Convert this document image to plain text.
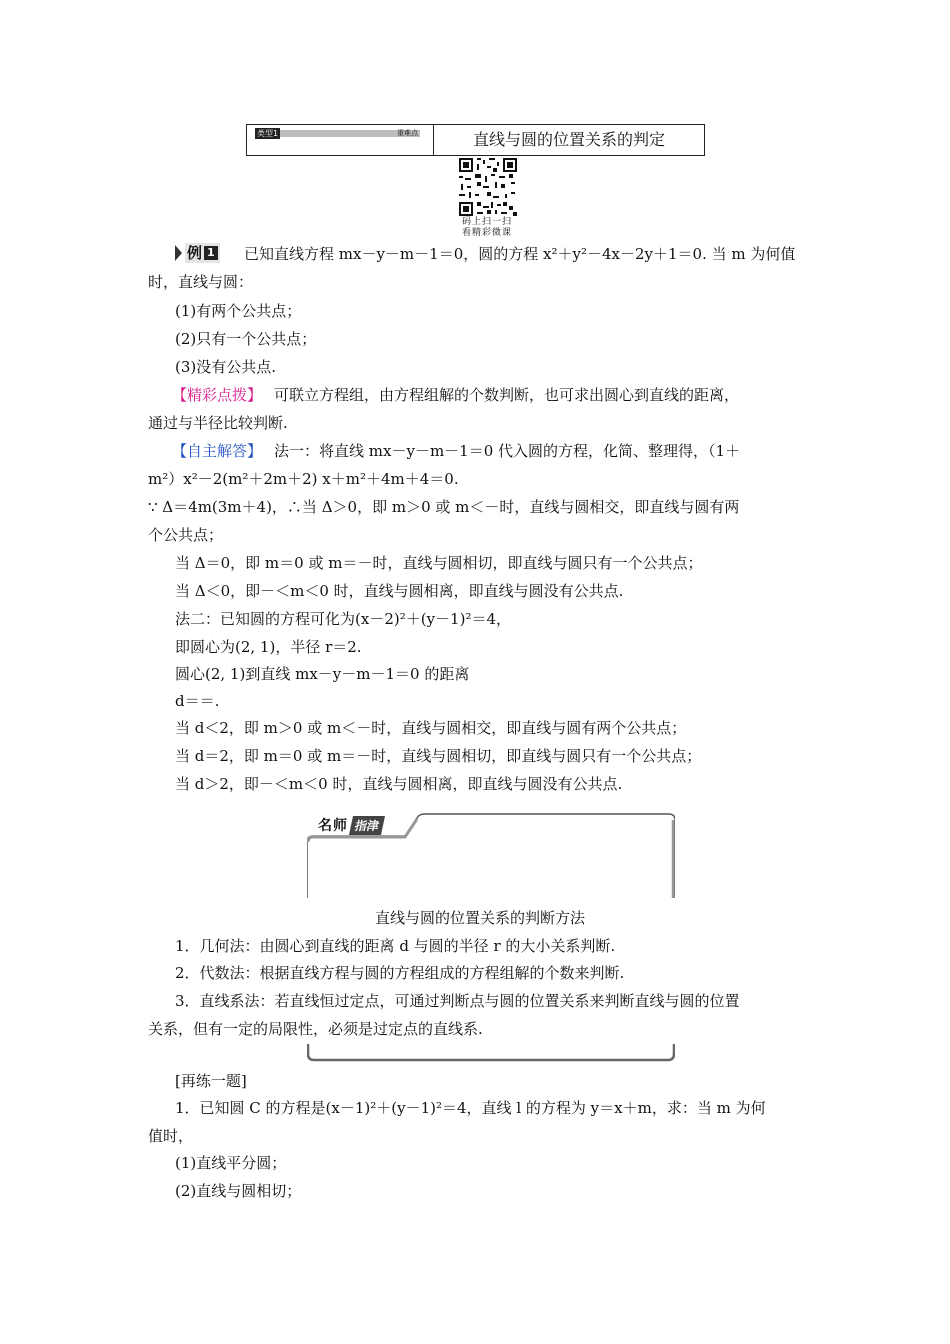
类型1	重难点	直线与圆的位置关系的判定
码上扫一扫
看精彩微课
例 1 已知直线方程 mx－y－m－1＝0，圆的方程 x²＋y²－4x－2y＋1＝0. 当 m 为何值
时，直线与圆：
(1)有两个公共点；
(2)只有一个公共点；
(3)没有公共点.
【精彩点拨】 可联立方程组，由方程组解的个数判断，也可求出圆心到直线的距离，
通过与半径比较判断.
【自主解答】 法一：将直线 mx－y－m－1＝0 代入圆的方程，化简、整理得，（1＋
m²）x²－2(m²＋2m＋2) x＋m²＋4m＋4＝0.
∵ Δ＝4m(3m＋4)，∴当 Δ＞0，即 m＞0 或 m＜－时，直线与圆相交，即直线与圆有两
个公共点；
当 Δ＝0，即 m＝0 或 m＝－时，直线与圆相切，即直线与圆只有一个公共点；
当 Δ＜0，即－＜m＜0 时，直线与圆相离，即直线与圆没有公共点.
法二：已知圆的方程可化为(x－2)²＋(y－1)²＝4，
即圆心为(2, 1)，半径 r＝2.
圆心(2, 1)到直线 mx－y－m－1＝0 的距离
d＝＝.
当 d＜2，即 m＞0 或 m＜－时，直线与圆相交，即直线与圆有两个公共点；
当 d＝2，即 m＝0 或 m＝－时，直线与圆相切，即直线与圆只有一个公共点；
当 d＞2，即－＜m＜0 时，直线与圆相离，即直线与圆没有公共点.
名师 指津
直线与圆的位置关系的判断方法
1．几何法：由圆心到直线的距离 d 与圆的半径 r 的大小关系判断.
2．代数法：根据直线方程与圆的方程组成的方程组解的个数来判断.
3．直线系法：若直线恒过定点，可通过判断点与圆的位置关系来判断直线与圆的位置
关系，但有一定的局限性，必须是过定点的直线系.
[再练一题]
1．已知圆 C 的方程是(x－1)²＋(y－1)²＝4，直线 l 的方程为 y＝x＋m，求：当 m 为何
值时，
(1)直线平分圆；
(2)直线与圆相切；
